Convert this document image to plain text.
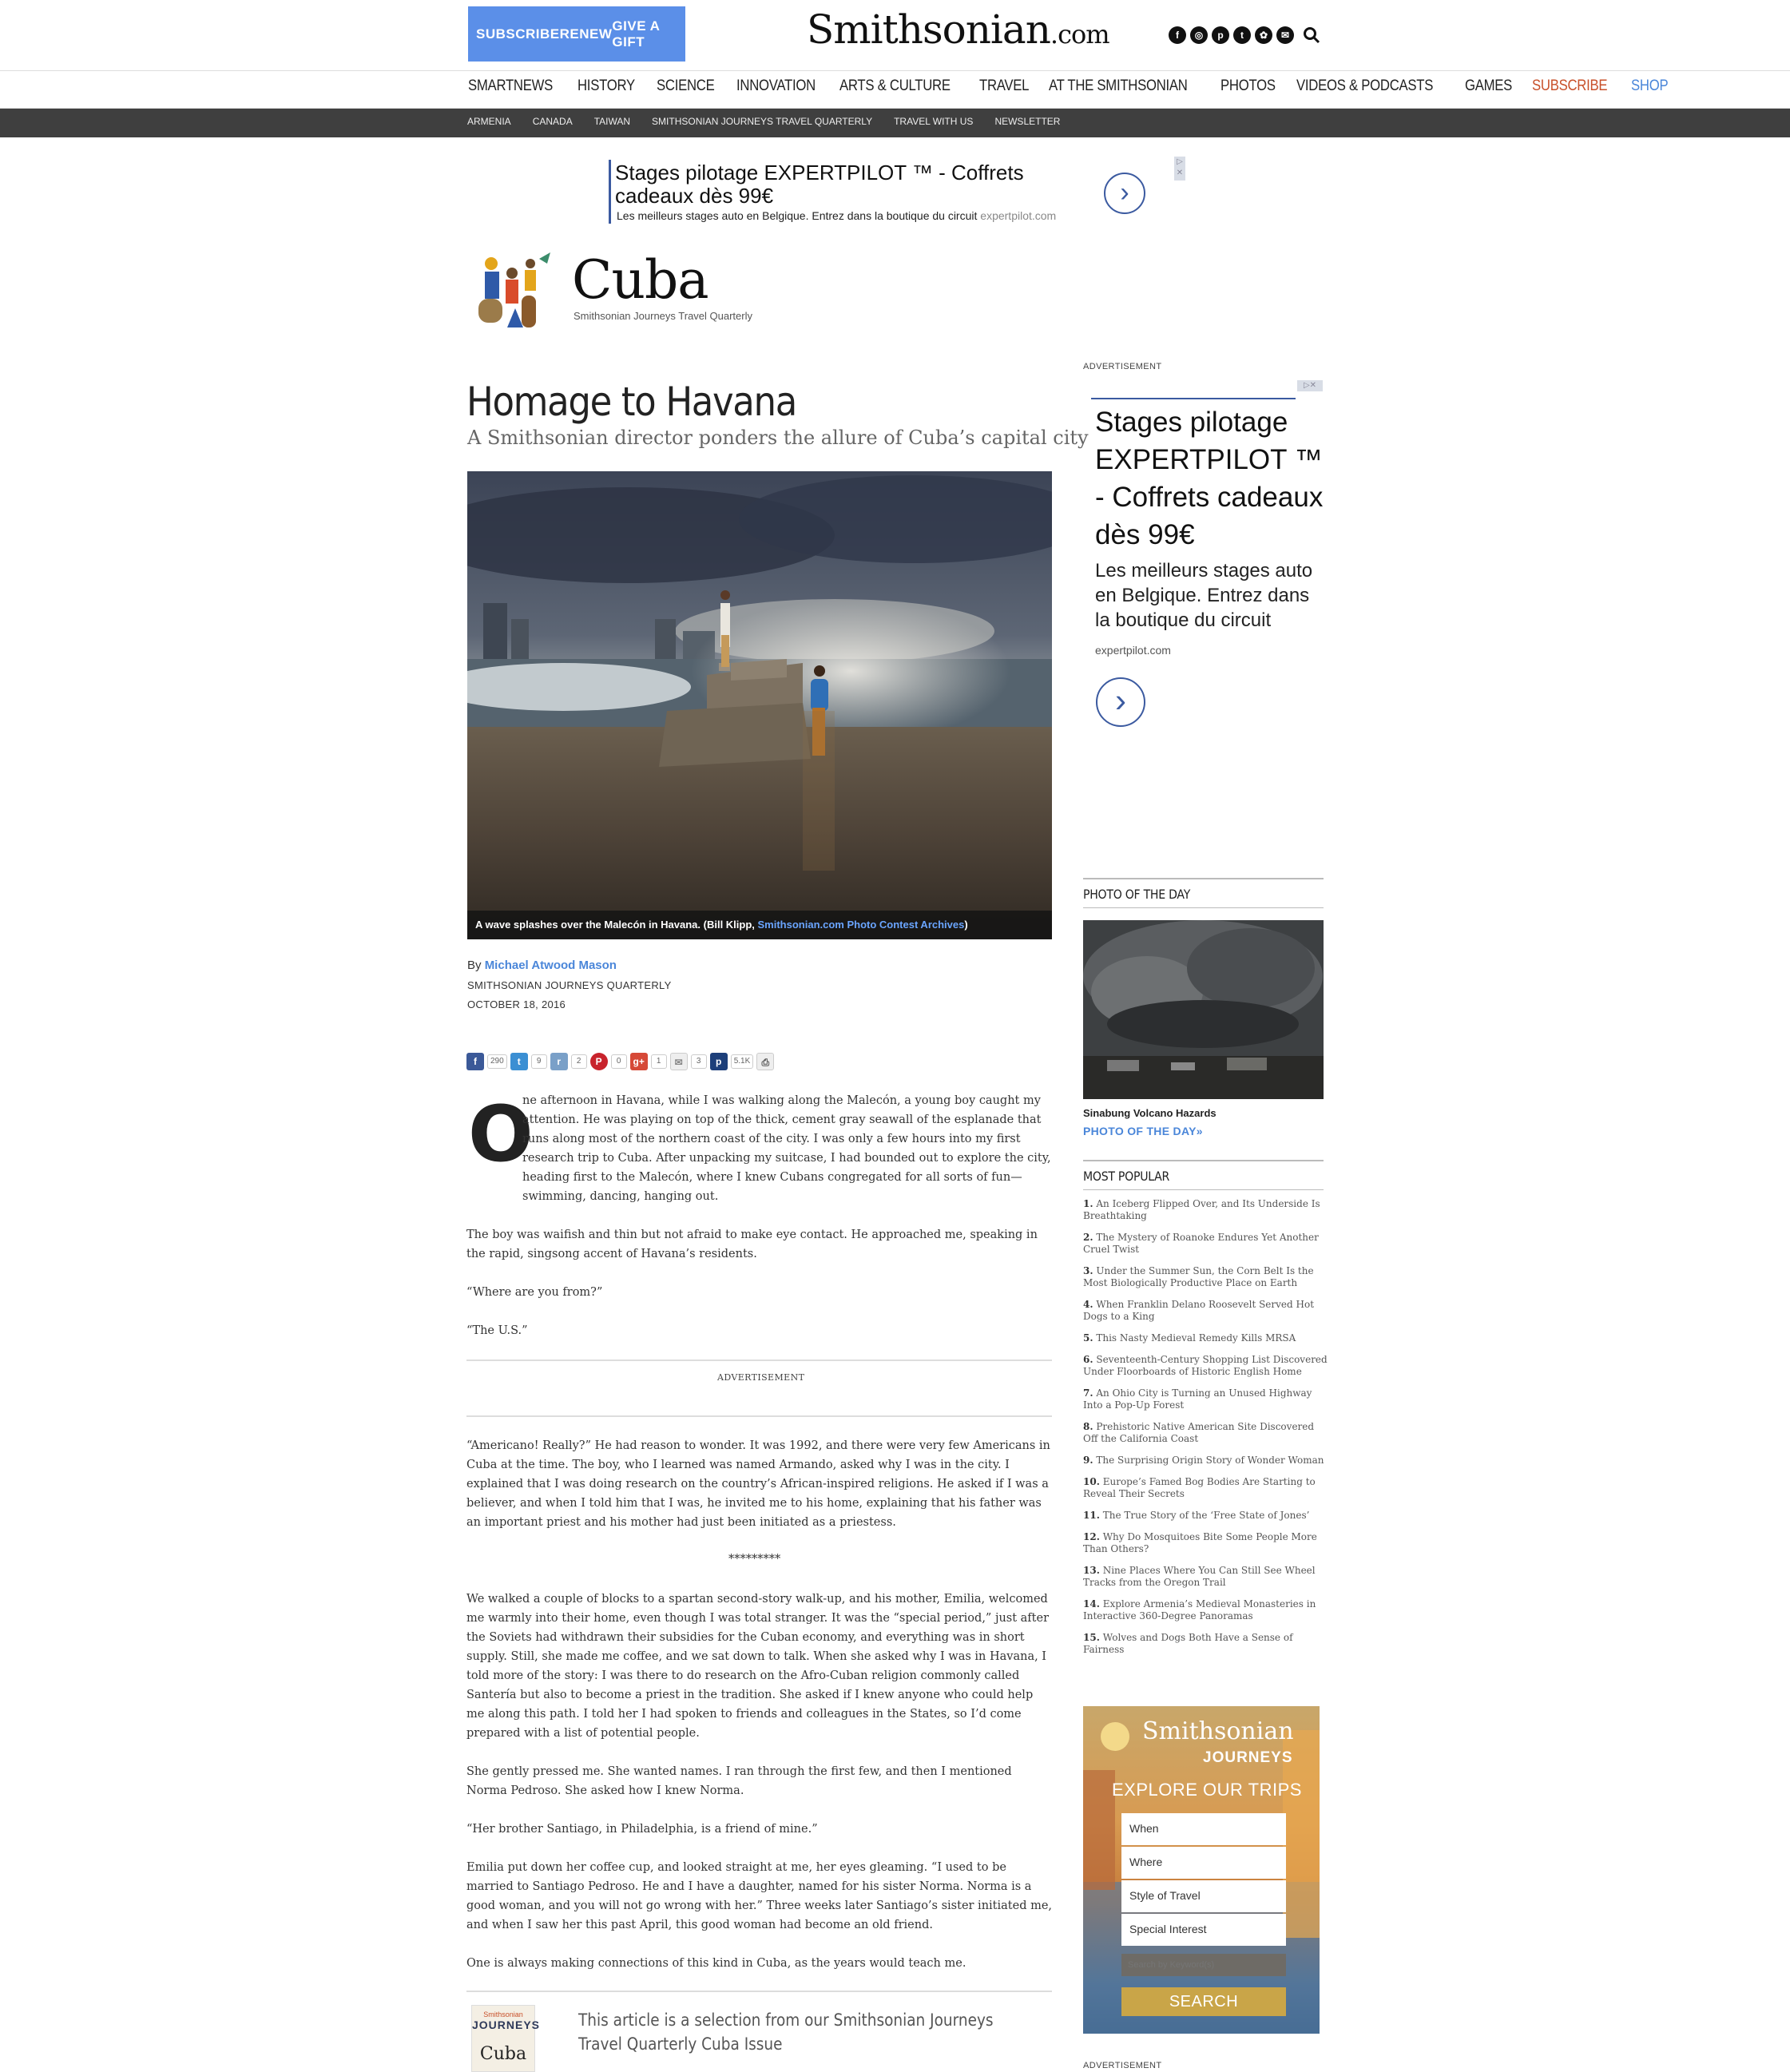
SUBSCRIBE RENEW
GIVE A GIFT	Smithsonian.com	f	◎	p	t	✿	✉
SMARTNEWS HISTORY SCIENCE INNOVATION ARTS & CULTURE TRAVEL AT THE SMITHSONIAN PHOTOS VIDEOS & PODCASTS GAMES SUBSCRIBE SHOP
ARMENIA CANADA TAIWAN SMITHSONIAN JOURNEYS TRAVEL QUARTERLY TRAVEL WITH US NEWSLETTER
Stages pilotage EXPERTPILOT ™ - Coffrets cadeaux dès 99€
Les meilleurs stages auto en Belgique. Entrez dans la boutique du circuit expertpilot.com
›
▷
✕
Cuba
Smithsonian Journeys Travel Quarterly
Homage to Havana
A Smithsonian director ponders the allure of Cuba’s capital city
A wave splashes over the Malecón in Havana. (Bill Klipp, Smithsonian.com Photo Contest Archives)
By Michael Atwood Mason
SMITHSONIAN JOURNEYS QUARTERLY
OCTOBER 18, 2016
f	290	t	9	r	2	P	0	g+	1	✉	3	p	5.1K	⎙
O
ne afternoon in Havana, while I was walking along the Malecón, a young boy caught my attention. He was playing on top of the thick, cement gray seawall of the esplanade that runs along most of the northern coast of the city. I was only a few hours into my first research trip to Cuba. After unpacking my suitcase, I had bounded out to explore the city, heading first to the Malecón, where I knew Cubans congregated for all sorts of fun—swimming, dancing, hanging out.
The boy was waifish and thin but not afraid to make eye contact. He approached me, speaking in the rapid, singsong accent of Havana’s residents.
“Where are you from?”
“The U.S.”
ADVERTISEMENT
“Americano! Really?” He had reason to wonder. It was 1992, and there were very few Americans in Cuba at the time. The boy, who I learned was named Armando, asked why I was in the city. I explained that I was doing research on the country’s African-inspired religions. He asked if I was a believer, and when I told him that I was, he invited me to his home, explaining that his father was an important priest and his mother had just been initiated as a priestess.
*********
We walked a couple of blocks to a spartan second-story walk-up, and his mother, Emilia, welcomed me warmly into their home, even though I was total stranger. It was the “special period,” just after the Soviets had withdrawn their subsidies for the Cuban economy, and everything was in short supply. Still, she made me coffee, and we sat down to talk. When she asked why I was in Havana, I told more of the story: I was there to do research on the Afro-Cuban religion commonly called Santería but also to become a priest in the tradition. She asked if I knew anyone who could help me along this path. I told her I had spoken to friends and colleagues in the States, so I’d come prepared with a list of potential people.
She gently pressed me. She wanted names. I ran through the first few, and then I mentioned Norma Pedroso. She asked how I knew Norma.
“Her brother Santiago, in Philadelphia, is a friend of mine.”
Emilia put down her coffee cup, and looked straight at me, her eyes gleaming. “I used to be married to Santiago Pedroso. He and I have a daughter, named for his sister Norma. Norma is a good woman, and you will not go wrong with her.” Three weeks later Santiago’s sister initiated me, and when I saw her this past April, this good woman had become an old friend.
One is always making connections of this kind in Cuba, as the years would teach me.
Smithsonian
JOURNEYS
Cuba
This article is a selection from our Smithsonian Journeys Travel Quarterly Cuba Issue
ADVERTISEMENT
▷✕
Stages pilotage EXPERTPILOT ™ - Coffrets cadeaux dès 99€
Les meilleurs stages auto en Belgique. Entrez dans la boutique du circuit
expertpilot.com
›
PHOTO OF THE DAY
Sinabung Volcano Hazards
PHOTO OF THE DAY»
MOST POPULAR
1. An Iceberg Flipped Over, and Its Underside Is Breathtaking
2. The Mystery of Roanoke Endures Yet Another Cruel Twist
3. Under the Summer Sun, the Corn Belt Is the Most Biologically Productive Place on Earth
4. When Franklin Delano Roosevelt Served Hot Dogs to a King
5. This Nasty Medieval Remedy Kills MRSA
6. Seventeenth-Century Shopping List Discovered Under Floorboards of Historic English Home
7. An Ohio City is Turning an Unused Highway Into a Pop-Up Forest
8. Prehistoric Native American Site Discovered Off the California Coast
9. The Surprising Origin Story of Wonder Woman
10. Europe’s Famed Bog Bodies Are Starting to Reveal Their Secrets
11. The True Story of the ‘Free State of Jones’
12. Why Do Mosquitoes Bite Some People More Than Others?
13. Nine Places Where You Can Still See Wheel Tracks from the Oregon Trail
14. Explore Armenia’s Medieval Monasteries in Interactive 360-Degree Panoramas
15. Wolves and Dogs Both Have a Sense of Fairness
Smithsonian
JOURNEYS
EXPLORE OUR TRIPS
When
Where
Style of Travel
Special Interest
Search by Keyword(s)
SEARCH
ADVERTISEMENT
